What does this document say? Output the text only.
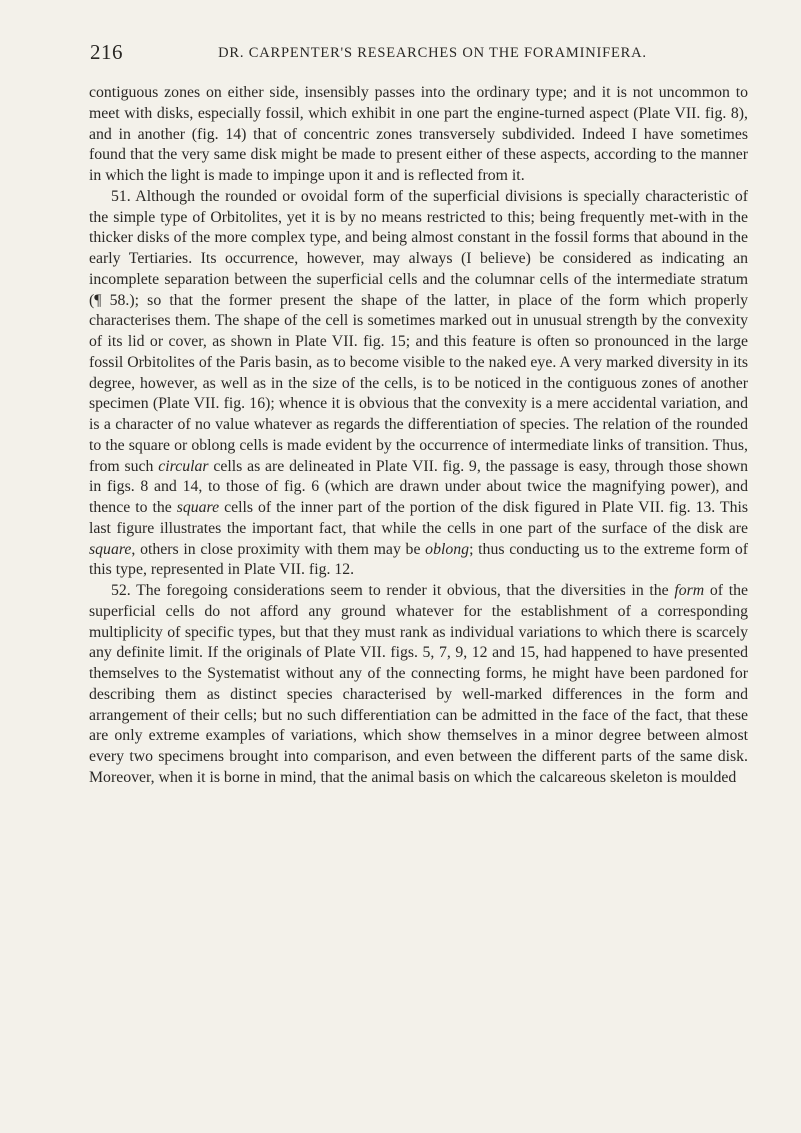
216	DR. CARPENTER'S RESEARCHES ON THE FORAMINIFERA.

contiguous zones on either side, insensibly passes into the ordinary type; and it is not uncommon to meet with disks, especially fossil, which exhibit in one part the engine-turned aspect (Plate VII. fig. 8), and in another (fig. 14) that of concentric zones transversely subdivided. Indeed I have sometimes found that the very same disk might be made to present either of these aspects, according to the manner in which the light is made to impinge upon it and is reflected from it.

51. Although the rounded or ovoidal form of the superficial divisions is specially characteristic of the simple type of Orbitolites, yet it is by no means restricted to this; being frequently met-with in the thicker disks of the more complex type, and being almost constant in the fossil forms that abound in the early Tertiaries. Its occurrence, however, may always (I believe) be considered as indicating an incomplete separation between the superficial cells and the columnar cells of the intermediate stratum (¶ 58.); so that the former present the shape of the latter, in place of the form which properly characterises them. The shape of the cell is sometimes marked out in unusual strength by the convexity of its lid or cover, as shown in Plate VII. fig. 15; and this feature is often so pronounced in the large fossil Orbitolites of the Paris basin, as to become visible to the naked eye. A very marked diversity in its degree, however, as well as in the size of the cells, is to be noticed in the contiguous zones of another specimen (Plate VII. fig. 16); whence it is obvious that the convexity is a mere accidental variation, and is a character of no value whatever as regards the differentiation of species. The relation of the rounded to the square or oblong cells is made evident by the occurrence of intermediate links of transition. Thus, from such circular cells as are delineated in Plate VII. fig. 9, the passage is easy, through those shown in figs. 8 and 14, to those of fig. 6 (which are drawn under about twice the magnifying power), and thence to the square cells of the inner part of the portion of the disk figured in Plate VII. fig. 13. This last figure illustrates the important fact, that while the cells in one part of the surface of the disk are square, others in close proximity with them may be oblong; thus conducting us to the extreme form of this type, represented in Plate VII. fig. 12.

52. The foregoing considerations seem to render it obvious, that the diversities in the form of the superficial cells do not afford any ground whatever for the establishment of a corresponding multiplicity of specific types, but that they must rank as individual variations to which there is scarcely any definite limit. If the originals of Plate VII. figs. 5, 7, 9, 12 and 15, had happened to have presented themselves to the Systematist without any of the connecting forms, he might have been pardoned for describing them as distinct species characterised by well-marked differences in the form and arrangement of their cells; but no such differentiation can be admitted in the face of the fact, that these are only extreme examples of variations, which show themselves in a minor degree between almost every two specimens brought into comparison, and even between the different parts of the same disk. Moreover, when it is borne in mind, that the animal basis on which the calcareous skeleton is moulded
